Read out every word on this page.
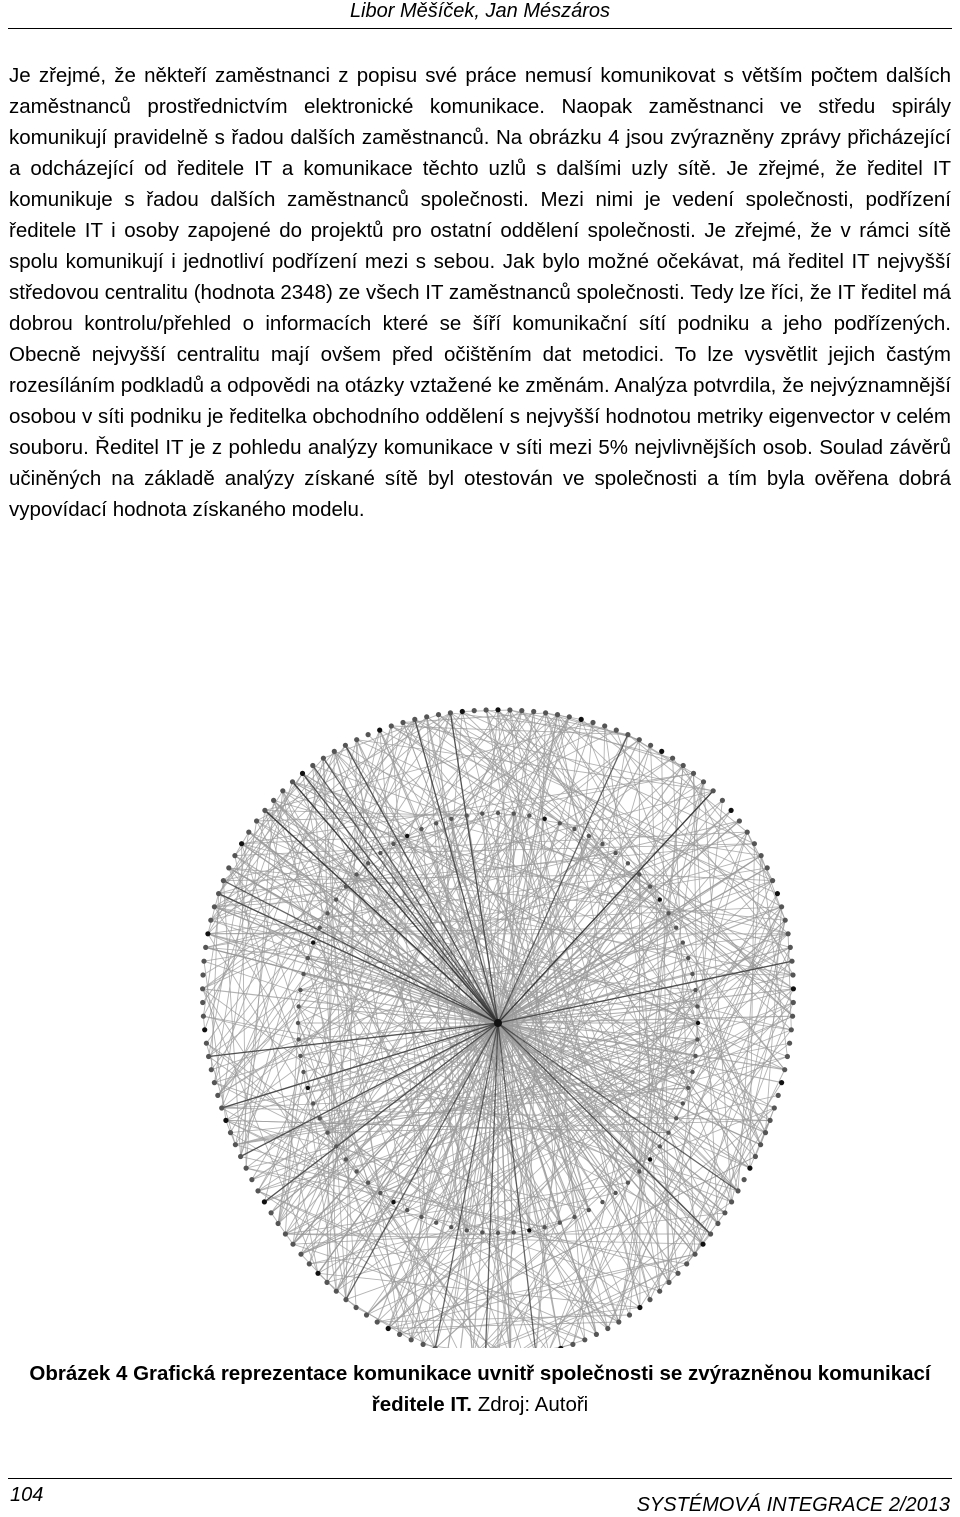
Libor Měšíček, Jan Mészáros
Je zřejmé, že někteří zaměstnanci z popisu své práce nemusí komunikovat s větším počtem dalších zaměstnanců prostřednictvím elektronické komunikace. Naopak zaměstnanci ve středu spirály komunikují pravidelně s řadou dalších zaměstnanců. Na obrázku 4 jsou zvýrazněny zprávy přicházející a odcházející od ředitele IT a komunikace těchto uzlů s dalšími uzly sítě. Je zřejmé, že ředitel IT komunikuje s řadou dalších zaměstnanců společnosti. Mezi nimi je vedení společnosti, podřízení ředitele IT i osoby zapojené do projektů pro ostatní oddělení společnosti. Je zřejmé, že v rámci sítě spolu komunikují i jednotliví podřízení mezi s sebou. Jak bylo možné očekávat, má ředitel IT nejvyšší středovou centralitu (hodnota 2348) ze všech IT zaměstnanců společnosti. Tedy lze říci, že IT ředitel má dobrou kontrolu/přehled o informacích které se šíří komunikační sítí podniku a jeho podřízených. Obecně nejvyšší centralitu mají ovšem před očištěním dat metodici. To lze vysvětlit jejich častým rozesíláním podkladů a odpovědi na otázky vztažené ke změnám. Analýza potvrdila, že nejvýznamnější osobou v síti podniku je ředitelka obchodního oddělení s nejvyšší hodnotou metriky eigenvector v celém souboru. Ředitel IT je z pohledu analýzy komunikace v síti mezi 5% nejvlivnějších osob. Soulad závěrů učiněných na základě analýzy získané sítě byl otestován ve společnosti a tím byla ověřena dobrá vypovídací hodnota získaného modelu.
Obrázek 4 Grafická reprezentace komunikace uvnitř společnosti se zvýrazněnou komunikací ředitele IT. Zdroj: Autoři
104	SYSTÉMOVÁ INTEGRACE 2/2013
